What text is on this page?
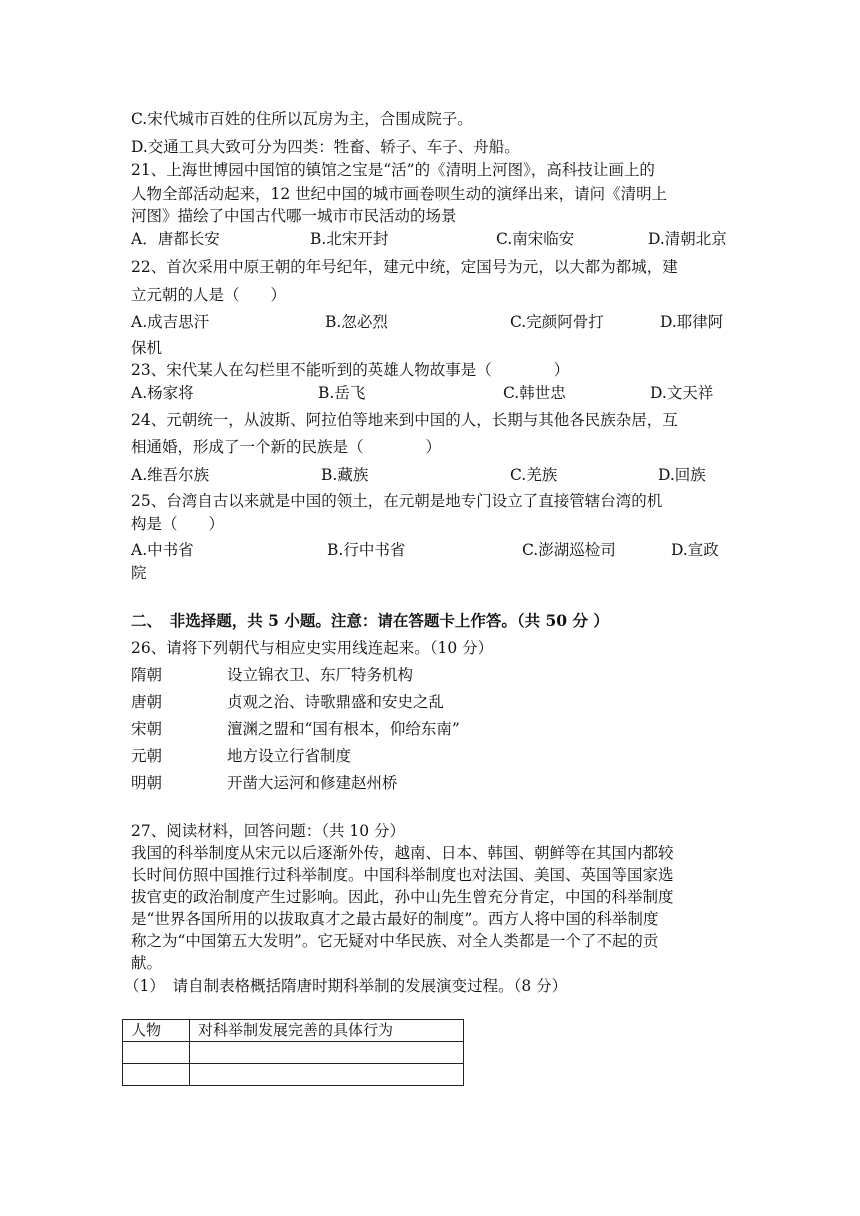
C.宋代城市百姓的住所以瓦房为主，合围成院子。
D.交通工具大致可分为四类：牲畜、轿子、车子、舟船。
21、上海世博园中国馆的镇馆之宝是“活”的《清明上河图》，高科技让画上的
人物全部活动起来，12 世纪中国的城市画卷呗生动的演绎出来，请问《清明上
河图》描绘了中国古代哪一城市市民活动的场景
A．唐都长安	B.北宋开封	C.南宋临安	D.清朝北京
22、首次采用中原王朝的年号纪年，建元中统，定国号为元，以大都为都城，建
立元朝的人是（　　）
A.成吉思汗	B.忽必烈	C.完颜阿骨打	D.耶律阿
保机
23、宋代某人在勾栏里不能听到的英雄人物故事是（　　　　）
A.杨家将	B.岳飞	C.韩世忠	D.文天祥
24、元朝统一，从波斯、阿拉伯等地来到中国的人，长期与其他各民族杂居，互
相通婚，形成了一个新的民族是（　　　　）
A.维吾尔族	B.藏族	C.羌族	D.回族
25、台湾自古以来就是中国的领土，在元朝是地专门设立了直接管辖台湾的机
构是（　　）
A.中书省	B.行中书省	C.澎湖巡检司	D.宣政
院
二、　非选择题，共 5 小题。注意：请在答题卡上作答。（共 50 分 ）
26、请将下列朝代与相应史实用线连起来。（10 分）
隋朝	设立锦衣卫、东厂特务机构
唐朝	贞观之治、诗歌鼎盛和安史之乱
宋朝	澶渊之盟和“国有根本，仰给东南”
元朝	地方设立行省制度
明朝	开凿大运河和修建赵州桥
27、阅读材料，回答问题：（共 10 分）
我国的科举制度从宋元以后逐渐外传，越南、日本、韩国、朝鲜等在其国内都较
长时间仿照中国推行过科举制度。中国科举制度也对法国、美国、英国等国家选
拔官吏的政治制度产生过影响。因此，孙中山先生曾充分肯定，中国的科举制度
是“世界各国所用的以拔取真才之最古最好的制度”。西方人将中国的科举制度
称之为“中国第五大发明”。它无疑对中华民族、对全人类都是一个了不起的贡
献。
（1）　请自制表格概括隋唐时期科举制的发展演变过程。（8 分）
人物	对科举制发展完善的具体行为
